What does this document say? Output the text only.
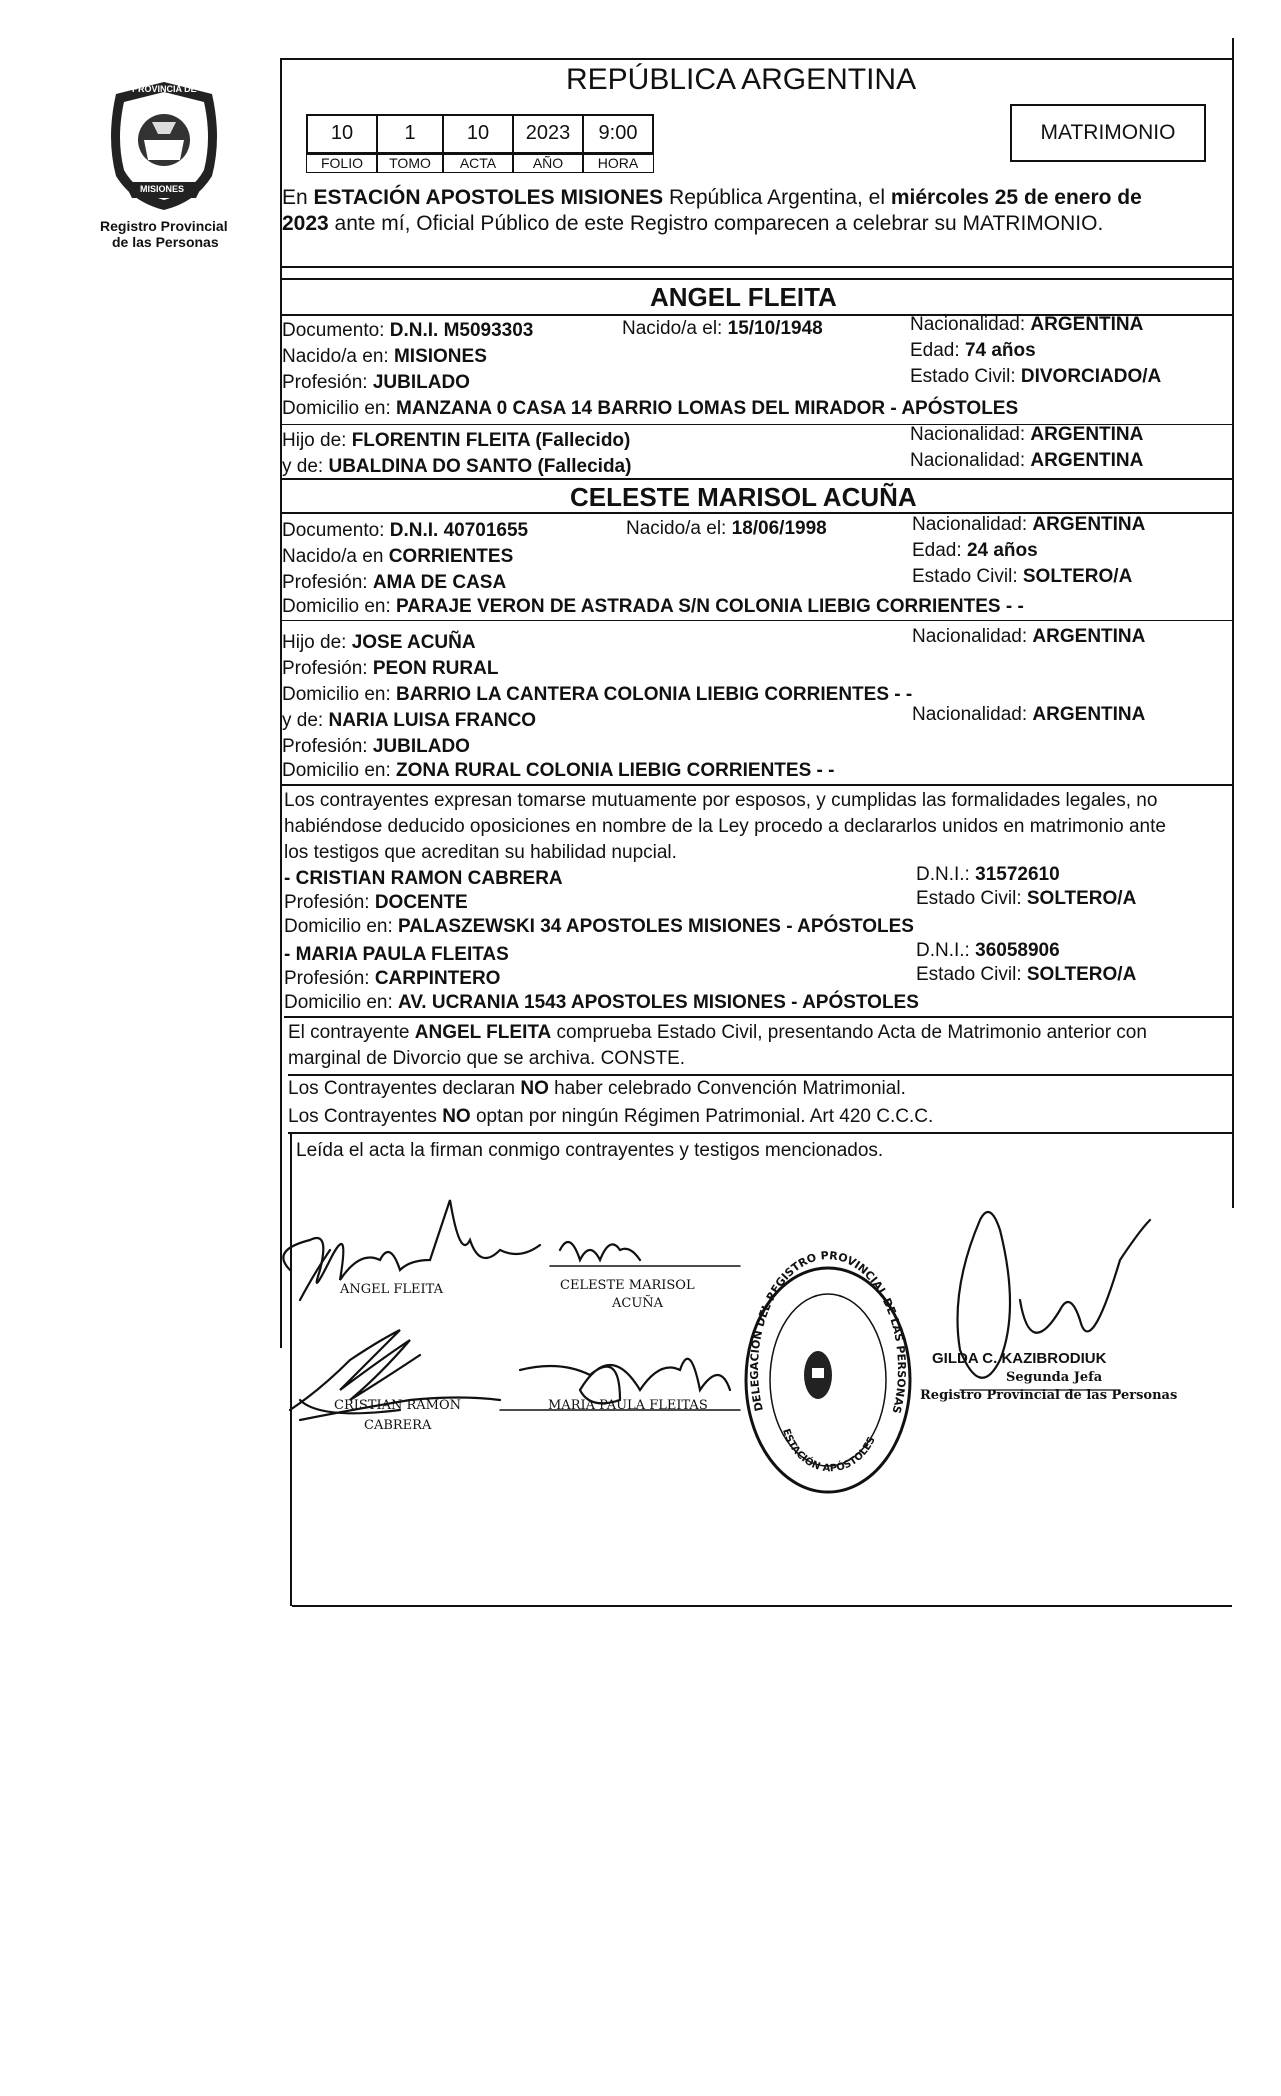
PROVINCIA DE
MISIONES
Registro Provincial
de las Personas
REPÚBLICA ARGENTINA
10	1	10	2023	9:00
FOLIO	TOMO	ACTA	AÑO	HORA
MATRIMONIO
En ESTACIÓN APOSTOLES MISIONES República Argentina, el miércoles 25 de enero de
2023 ante mí, Oficial Público de este Registro comparecen a celebrar su MATRIMONIO.
ANGEL FLEITA
Documento: D.N.I. M5093303	Nacido/a el: 15/10/1948	Nacionalidad: ARGENTINA
Nacido/a en: MISIONES	Edad: 74 años
Profesión: JUBILADO	Estado Civil: DIVORCIADO/A
Domicilio en: MANZANA 0 CASA 14 BARRIO LOMAS DEL MIRADOR - APÓSTOLES
Hijo de: FLORENTIN FLEITA (Fallecido)	Nacionalidad: ARGENTINA
y de: UBALDINA DO SANTO (Fallecida)	Nacionalidad: ARGENTINA
CELESTE MARISOL ACUÑA
Documento: D.N.I. 40701655	Nacido/a el: 18/06/1998	Nacionalidad: ARGENTINA
Nacido/a en CORRIENTES	Edad: 24 años
Profesión: AMA DE CASA	Estado Civil: SOLTERO/A
Domicilio en: PARAJE VERON DE ASTRADA S/N COLONIA LIEBIG CORRIENTES - -
Hijo de: JOSE ACUÑA	Nacionalidad: ARGENTINA
Profesión: PEON RURAL
Domicilio en: BARRIO LA CANTERA COLONIA LIEBIG CORRIENTES - -
y de: NARIA LUISA FRANCO	Nacionalidad: ARGENTINA
Profesión: JUBILADO
Domicilio en: ZONA RURAL COLONIA LIEBIG CORRIENTES - -
Los contrayentes expresan tomarse mutuamente por esposos, y cumplidas las formalidades legales, no
habiéndose deducido oposiciones en nombre de la Ley procedo a declararlos unidos en matrimonio ante
los testigos que acreditan su habilidad nupcial.
- CRISTIAN RAMON CABRERA	D.N.I.: 31572610
Profesión: DOCENTE	Estado Civil: SOLTERO/A
Domicilio en: PALASZEWSKI 34 APOSTOLES MISIONES - APÓSTOLES
- MARIA PAULA FLEITAS	D.N.I.: 36058906
Profesión: CARPINTERO	Estado Civil: SOLTERO/A
Domicilio en: AV. UCRANIA 1543 APOSTOLES MISIONES - APÓSTOLES
El contrayente ANGEL FLEITA comprueba Estado Civil, presentando Acta de Matrimonio anterior con
marginal de Divorcio que se archiva. CONSTE.
Los Contrayentes declaran NO haber celebrado Convención Matrimonial.
Los Contrayentes NO optan por ningún Régimen Patrimonial. Art 420 C.C.C.
Leída el acta la firman conmigo contrayentes y testigos mencionados.
ANGEL FLEITA	CELESTE MARISOL
ACUÑA
CRISTIAN RAMON
CABRERA
MARIA PAULA FLEITAS	DELEGACIÓN DEL REGISTRO PROVINCIAL DE LAS PERSONAS
ESTACIÓN APÓSTOLES
GILDA C. KAZIBRODIUK
Segunda Jefa
Registro Provincial de las Personas
